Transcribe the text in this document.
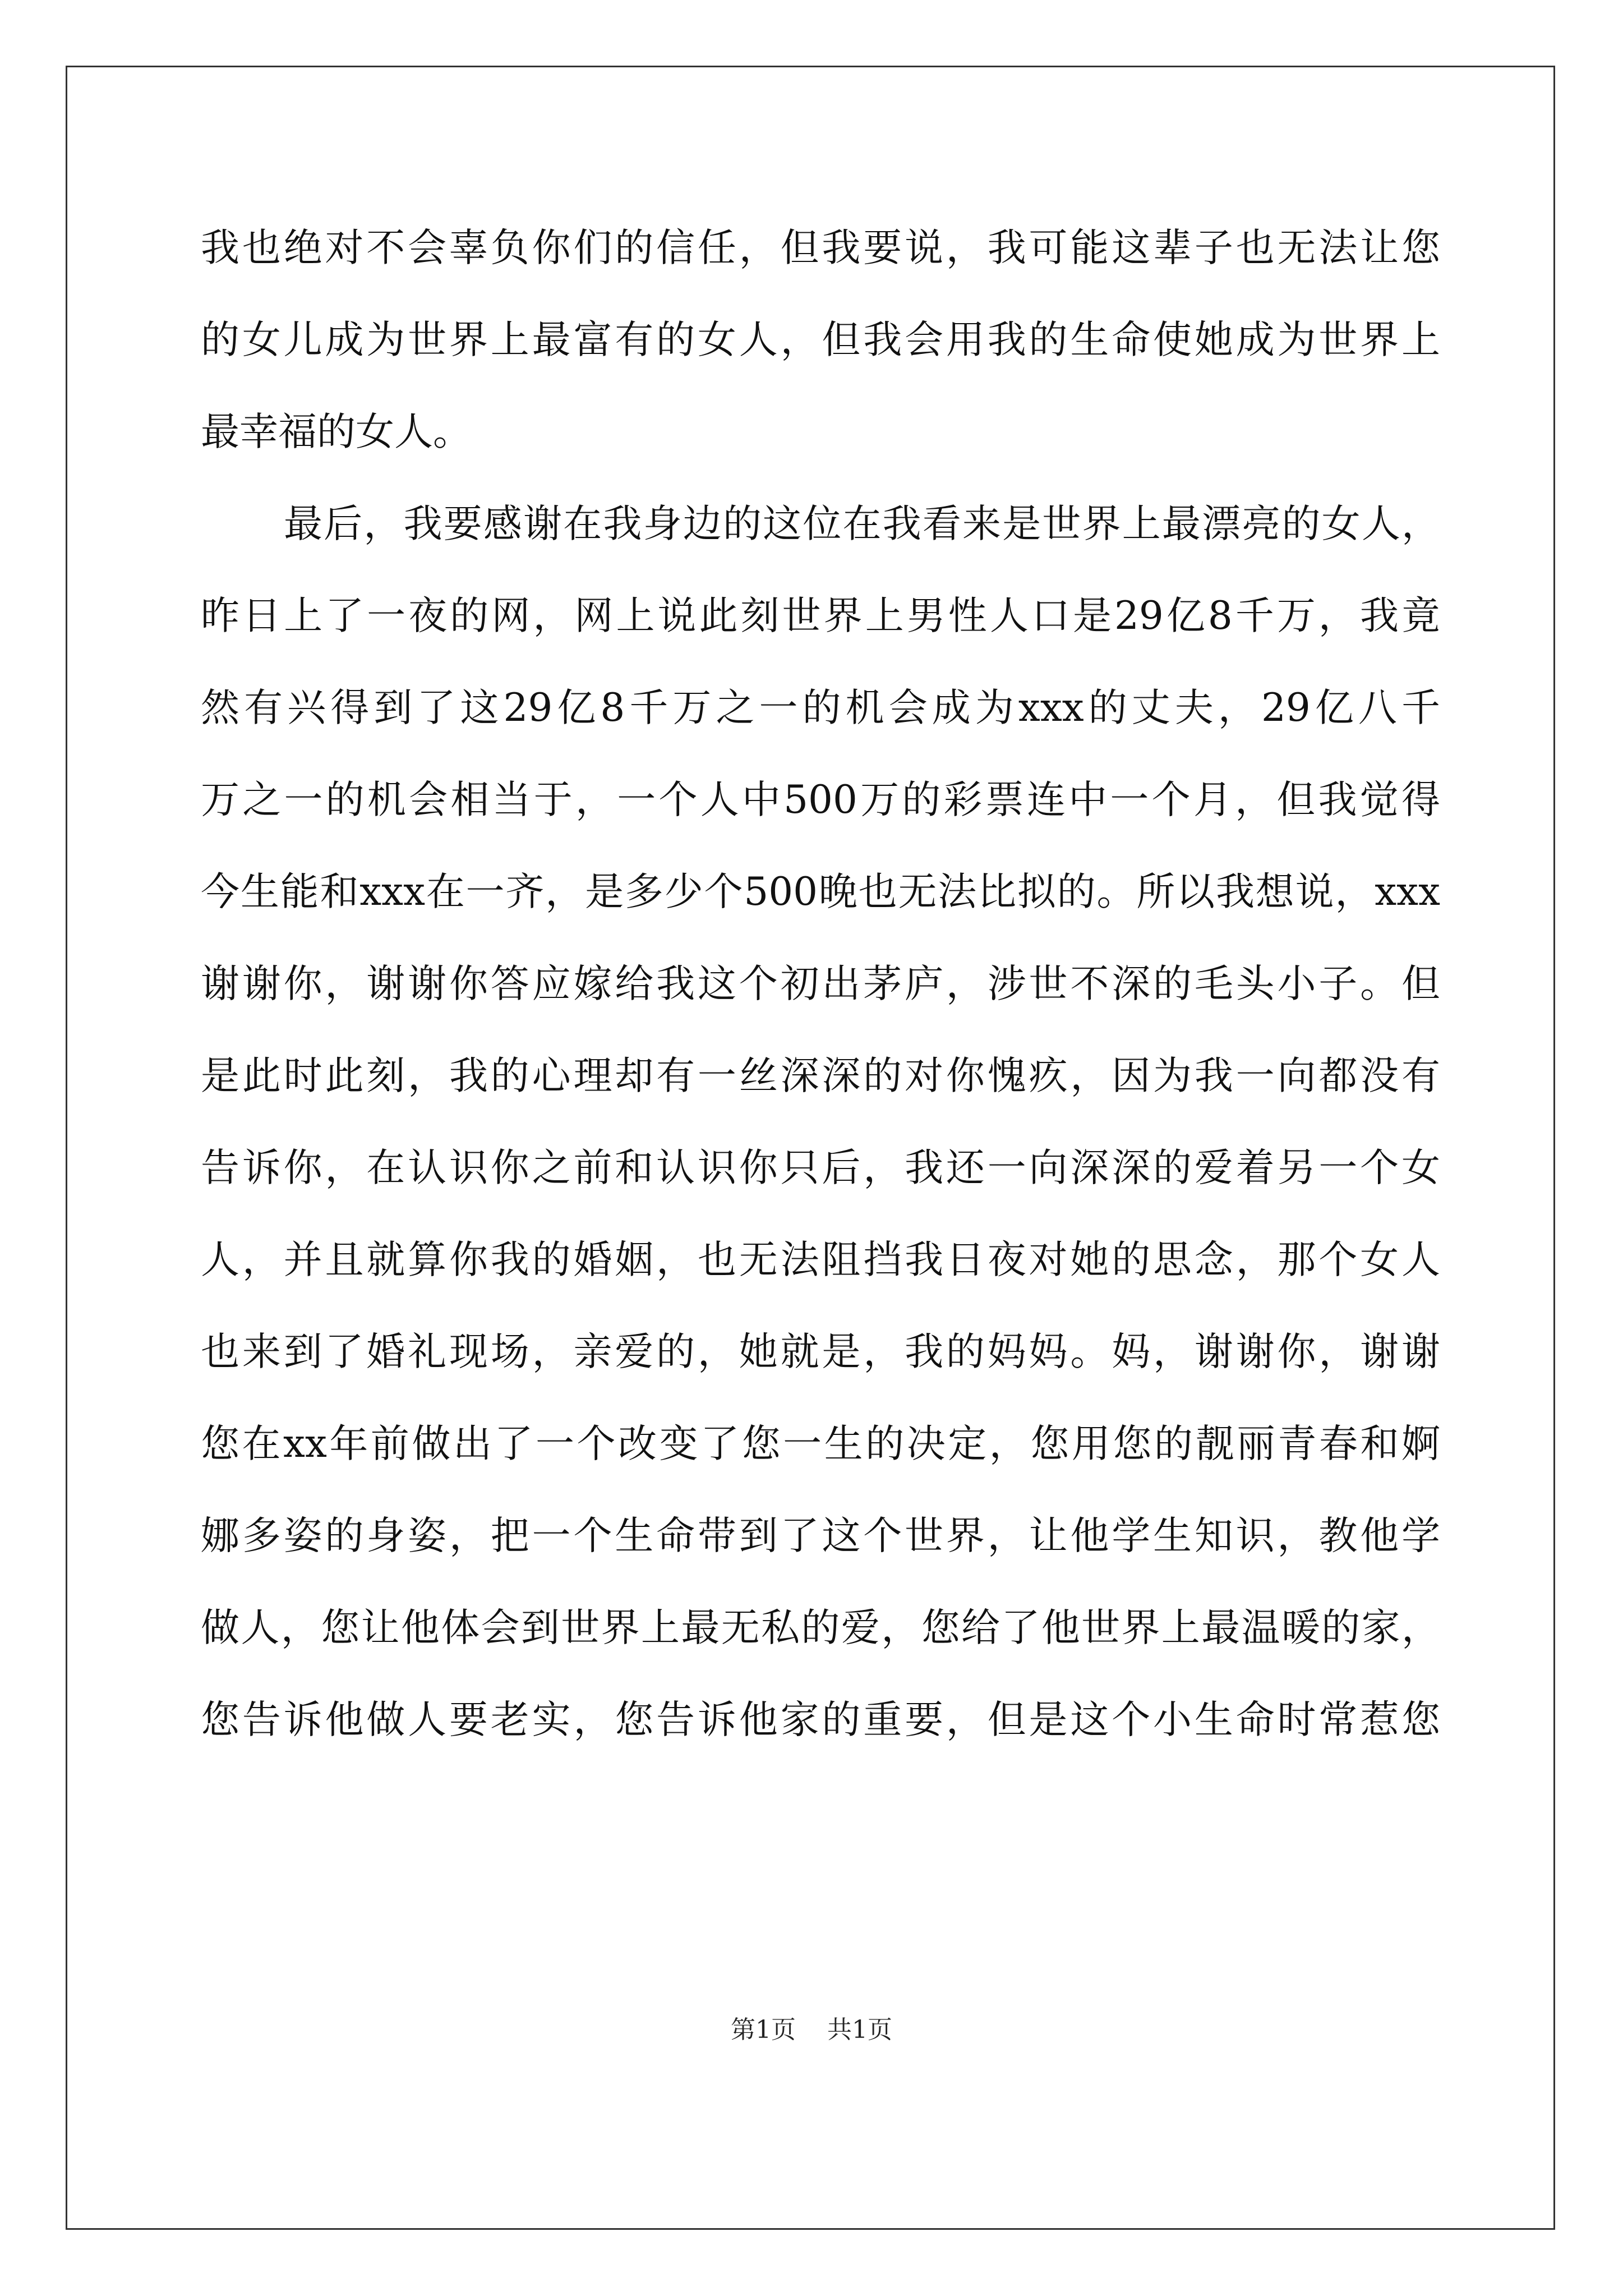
我也绝对不会辜负你们的信任，但我要说，我可能这辈子也无法让您
的女儿成为世界上最富有的女人，但我会用我的生命使她成为世界上
最幸福的女人。
最后，我要感谢在我身边的这位在我看来是世界上最漂亮的女人，
昨日上了一夜的网，网上说此刻世界上男性人口是29亿8千万，我竟
然有兴得到了这29亿8千万之一的机会成为xxx的丈夫，29亿八千
万之一的机会相当于，一个人中500万的彩票连中一个月，但我觉得
今生能和xxx在一齐，是多少个500晚也无法比拟的。所以我想说，xxx
谢谢你，谢谢你答应嫁给我这个初出茅庐，涉世不深的毛头小子。但
是此时此刻，我的心理却有一丝深深的对你愧疚，因为我一向都没有
告诉你，在认识你之前和认识你只后，我还一向深深的爱着另一个女
人，并且就算你我的婚姻，也无法阻挡我日夜对她的思念，那个女人
也来到了婚礼现场，亲爱的，她就是，我的妈妈。妈，谢谢你，谢谢
您在xx年前做出了一个改变了您一生的决定，您用您的靓丽青春和婀
娜多姿的身姿，把一个生命带到了这个世界，让他学生知识，教他学
做人，您让他体会到世界上最无私的爱，您给了他世界上最温暖的家，
您告诉他做人要老实，您告诉他家的重要，但是这个小生命时常惹您
第1页    共1页
